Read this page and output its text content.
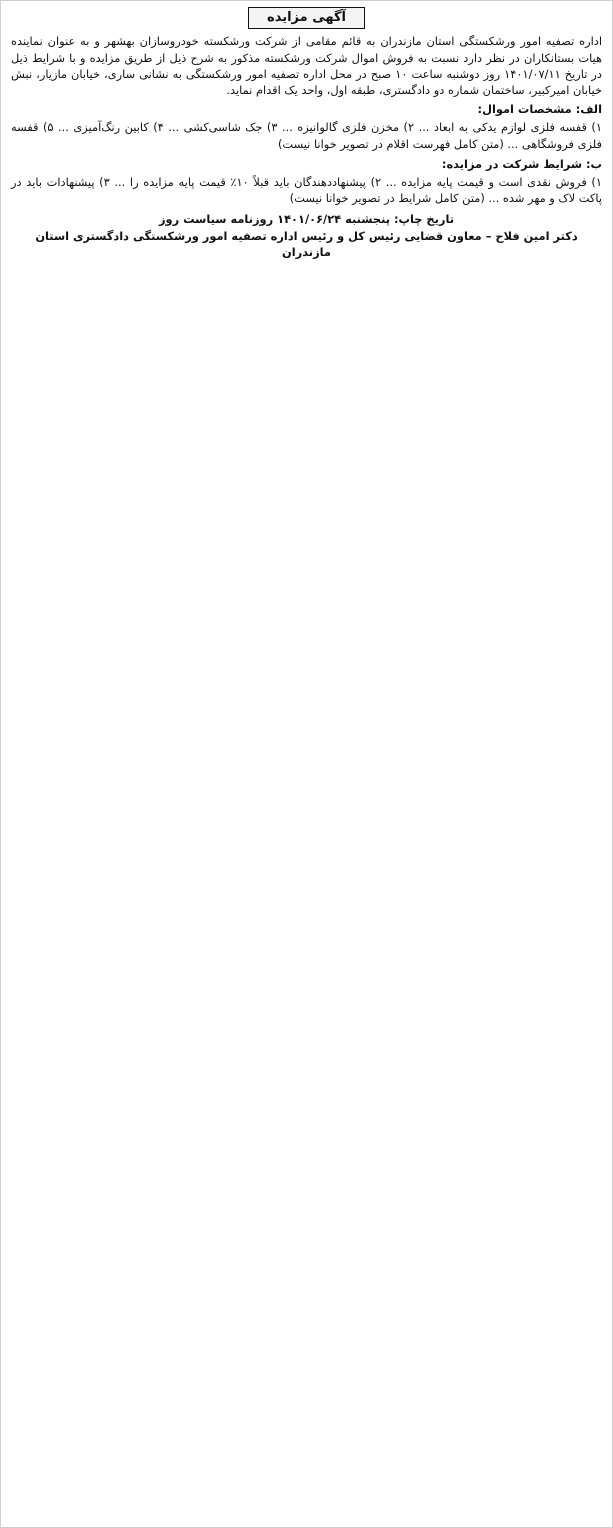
آگهی مزایده

اداره تصفیه امور ورشکستگی استان مازندران به قائم مقامی از شرکت ورشکسته خودروسازان بهشهر و به عنوان نماینده هیات بستانکاران در نظر دارد نسبت به فروش اموال شرکت ورشکسته مذکور به شرح ذیل از طریق مزایده و با شرایط ذیل در تاریخ ۱۴۰۱/۰۷/۱۱ روز دوشنبه ساعت ۱۰ صبح در محل اداره تصفیه امور ورشکستگی به نشانی ساری، خیابان مازیار، نبش خیابان امیرکبیر، ساختمان شماره دو دادگستری، طبقه اول، واحد یک اقدام نماید.

الف: مشخصات اموال:

۱) قفسه فلزی لوازم یدکی به ابعاد ... ۲) مخزن فلزی گالوانیزه ... ۳) جک شاسی‌کشی ... ۴) کابین رنگ‌آمیزی ... ۵) قفسه فلزی فروشگاهی ... (متن کامل فهرست اقلام در تصویر خوانا نیست)

ب: شرایط شرکت در مزایده:

۱) فروش نقدی است و قیمت پایه مزایده ... ۲) پیشنهاددهندگان باید قبلاً ۱۰٪ قیمت پایه مزایده را ... ۳) پیشنهادات باید در پاکت لاک و مهر شده ... (متن کامل شرایط در تصویر خوانا نیست)

تاریخ چاپ: پنجشنبه ۱۴۰۱/۰۶/۲۴ روزنامه سیاست روز
دکتر امین فلاح – معاون قضایی رئیس کل و رئیس اداره تصفیه امور ورشکستگی دادگستری استان مازندران
